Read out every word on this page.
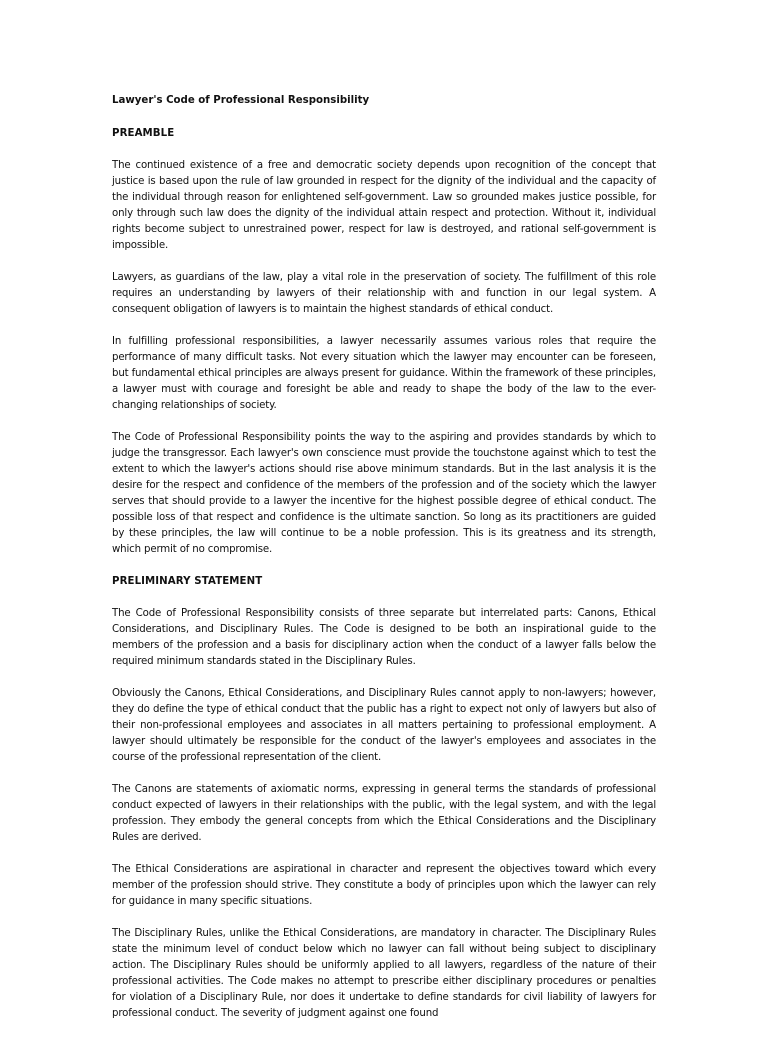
Lawyer's Code of Professional Responsibility
PREAMBLE

The continued existence of a free and democratic society depends upon recognition of the concept that justice is based upon the rule of law grounded in respect for the dignity of the individual and the capacity of the individual through reason for enlightened self-government. Law so grounded makes justice possible, for only through such law does the dignity of the individual attain respect and protection. Without it, individual rights become subject to unrestrained power, respect for law is destroyed, and rational self-government is impossible.

Lawyers, as guardians of the law, play a vital role in the preservation of society. The fulfillment of this role requires an understanding by lawyers of their relationship with and function in our legal system. A consequent obligation of lawyers is to maintain the highest standards of ethical conduct.

In fulfilling professional responsibilities, a lawyer necessarily assumes various roles that require the performance of many difficult tasks. Not every situation which the lawyer may encounter can be foreseen, but fundamental ethical principles are always present for guidance. Within the framework of these principles, a lawyer must with courage and foresight be able and ready to shape the body of the law to the ever-changing relationships of society.

The Code of Professional Responsibility points the way to the aspiring and provides standards by which to judge the transgressor. Each lawyer's own conscience must provide the touchstone against which to test the extent to which the lawyer's actions should rise above minimum standards. But in the last analysis it is the desire for the respect and confidence of the members of the profession and of the society which the lawyer serves that should provide to a lawyer the incentive for the highest possible degree of ethical conduct. The possible loss of that respect and confidence is the ultimate sanction. So long as its practitioners are guided by these principles, the law will continue to be a noble profession. This is its greatness and its strength, which permit of no compromise.

PRELIMINARY STATEMENT

The Code of Professional Responsibility consists of three separate but interrelated parts: Canons, Ethical Considerations, and Disciplinary Rules. The Code is designed to be both an inspirational guide to the members of the profession and a basis for disciplinary action when the conduct of a lawyer falls below the required minimum standards stated in the Disciplinary Rules.

Obviously the Canons, Ethical Considerations, and Disciplinary Rules cannot apply to non-lawyers; however, they do define the type of ethical conduct that the public has a right to expect not only of lawyers but also of their non-professional employees and associates in all matters pertaining to professional employment. A lawyer should ultimately be responsible for the conduct of the lawyer's employees and associates in the course of the professional representation of the client.

The Canons are statements of axiomatic norms, expressing in general terms the standards of professional conduct expected of lawyers in their relationships with the public, with the legal system, and with the legal profession. They embody the general concepts from which the Ethical Considerations and the Disciplinary Rules are derived.

The Ethical Considerations are aspirational in character and represent the objectives toward which every member of the profession should strive. They constitute a body of principles upon which the lawyer can rely for guidance in many specific situations.

The Disciplinary Rules, unlike the Ethical Considerations, are mandatory in character. The Disciplinary Rules state the minimum level of conduct below which no lawyer can fall without being subject to disciplinary action. The Disciplinary Rules should be uniformly applied to all lawyers, regardless of the nature of their professional activities. The Code makes no attempt to prescribe either disciplinary procedures or penalties for violation of a Disciplinary Rule, nor does it undertake to define standards for civil liability of lawyers for professional conduct. The severity of judgment against one found
